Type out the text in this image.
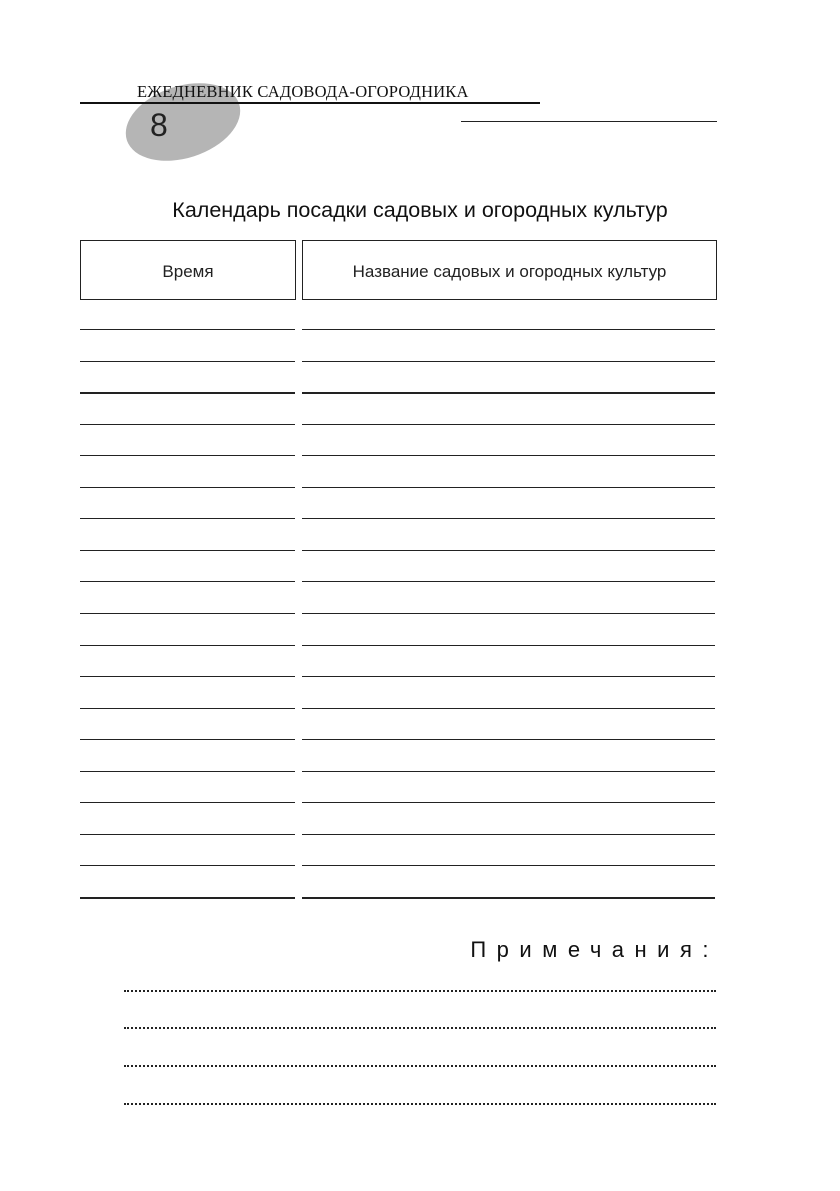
ЕЖЕДНЕВНИК САДОВОДА-ОГОРОДНИКА
8
Календарь посадки садовых и огородных культур
Время	Название садовых и огородных культур
Примечания:
